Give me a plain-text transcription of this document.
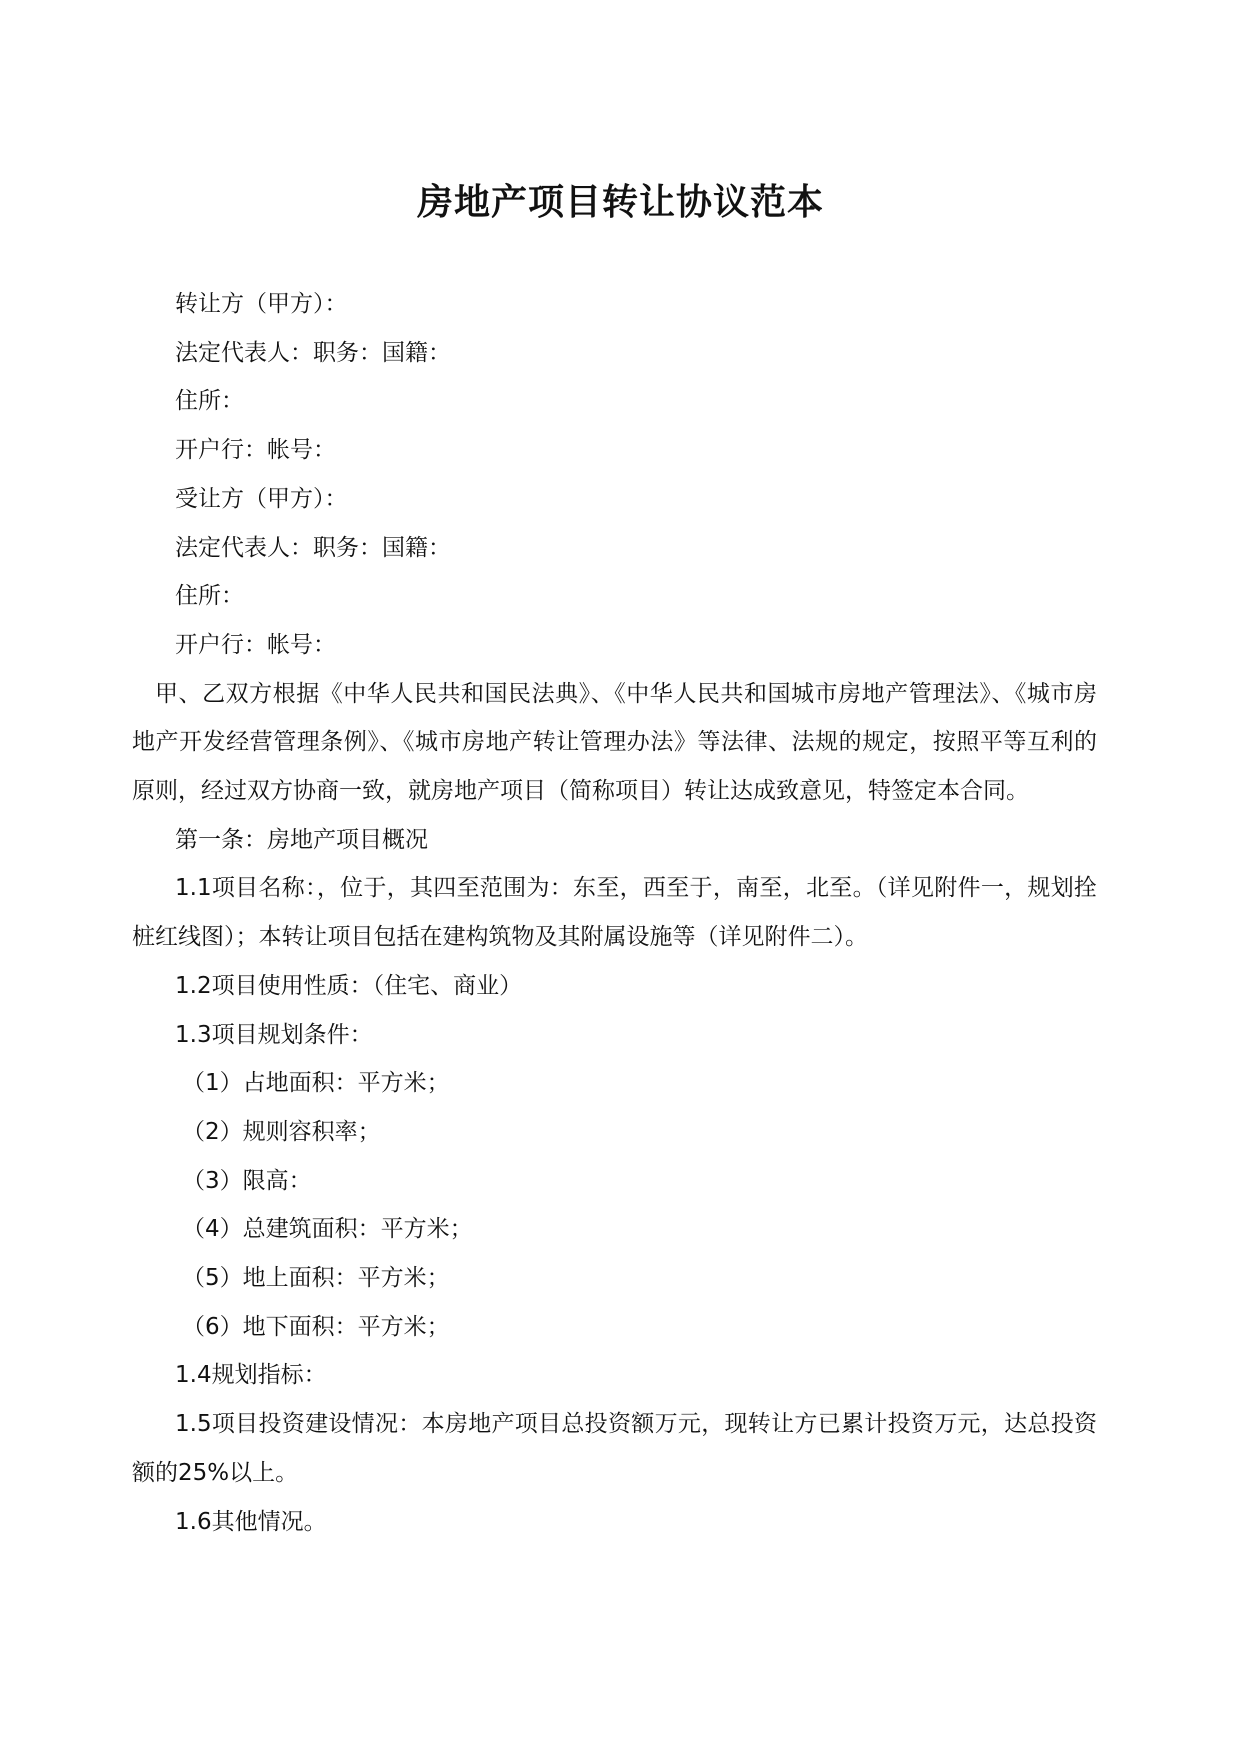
房地产项目转让协议范本

转让方（甲方）：

法定代表人：职务：国籍：

住所：

开户行：帐号：

受让方（甲方）：

法定代表人：职务：国籍：

住所：

开户行：帐号：

甲、乙双方根据《中华人民共和国民法典》、《中华人民共和国城市房地产管理法》、《城市房地产开发经营管理条例》、《城市房地产转让管理办法》等法律、法规的规定，按照平等互利的原则，经过双方协商一致，就房地产项目（简称项目）转让达成致意见，特签定本合同。

第一条：房地产项目概况

1.1项目名称：，位于，其四至范围为：东至，西至于，南至，北至。（详见附件一，规划拴桩红线图）；本转让项目包括在建构筑物及其附属设施等（详见附件二）。

1.2项目使用性质：（住宅、商业）

1.3项目规划条件：

（1）占地面积：平方米；

（2）规则容积率；

（3）限高：

（4）总建筑面积：平方米；

（5）地上面积：平方米；

（6）地下面积：平方米；

1.4规划指标：

1.5项目投资建设情况：本房地产项目总投资额万元，现转让方已累计投资万元，达总投资额的25%以上。

1.6其他情况。
